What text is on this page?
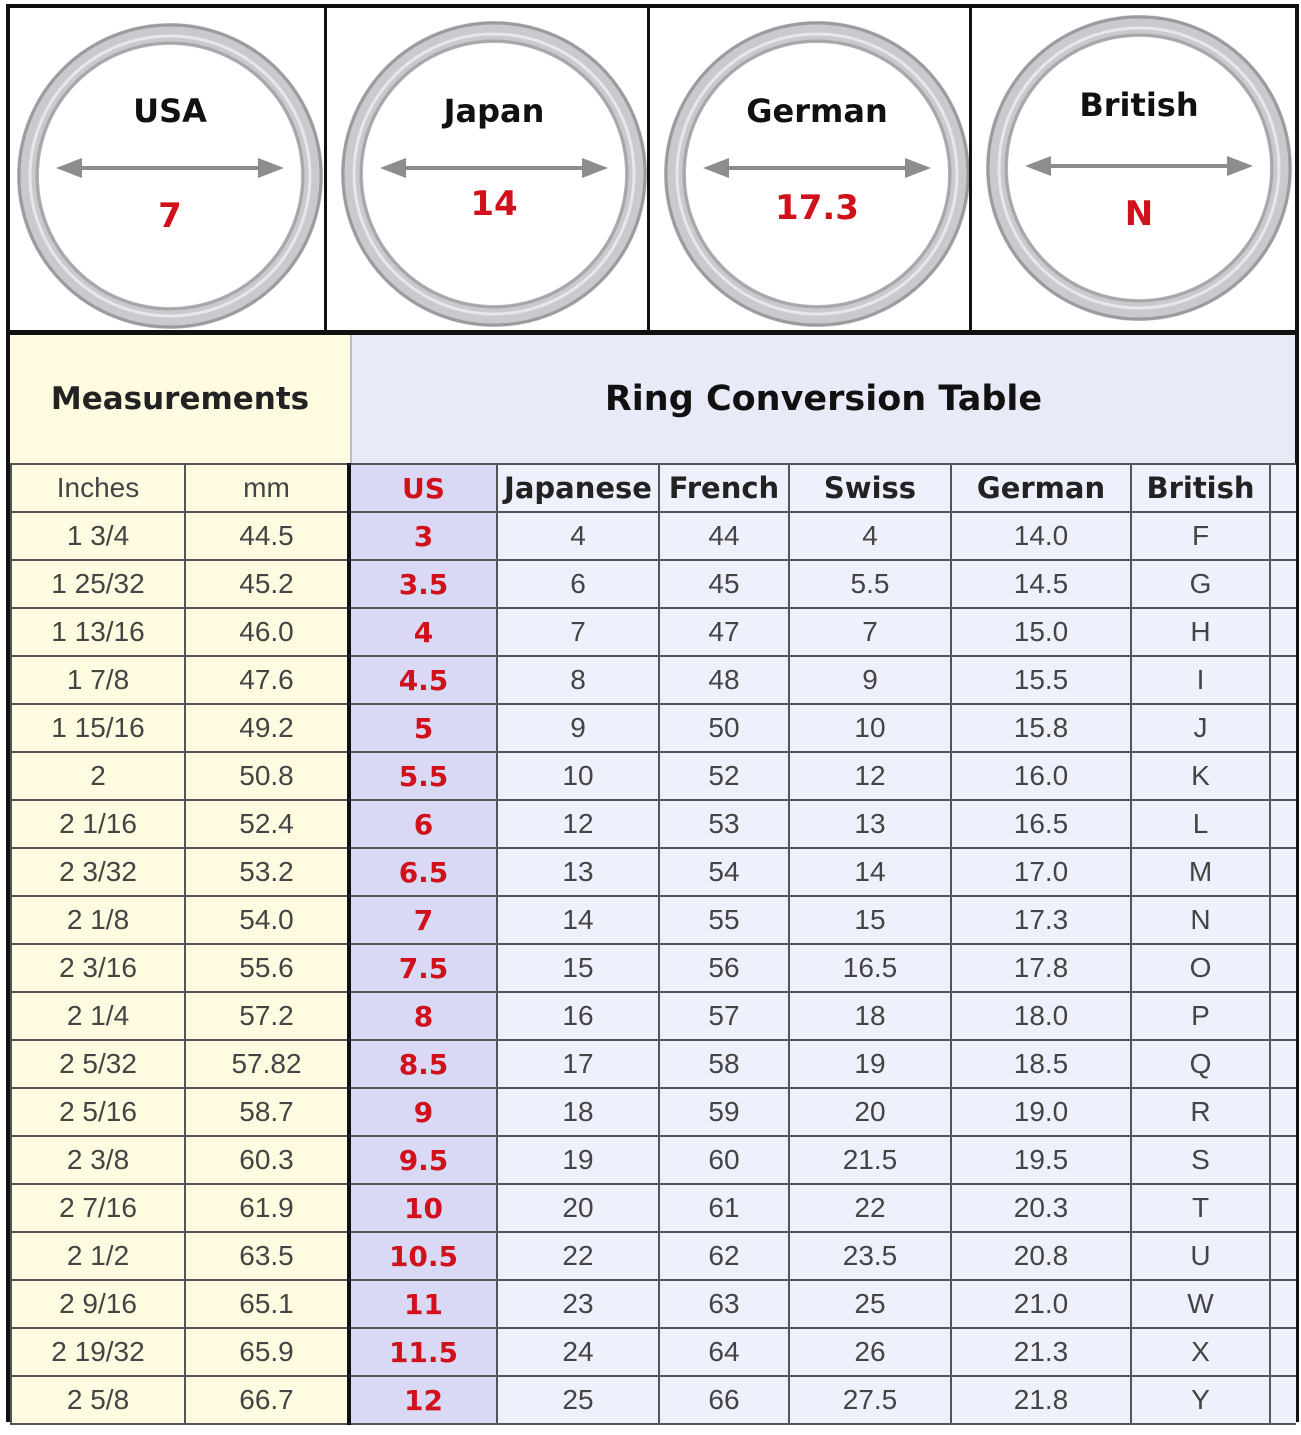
USA
7
Japan
14
German
17.3
British
N
Measurements	Ring Conversion Table
Inches	mm	US	Japanese	French	Swiss	German	British	
1 3/4	44.5	3	4	44	4	14.0	F	
1 25/32	45.2	3.5	6	45	5.5	14.5	G	
1 13/16	46.0	4	7	47	7	15.0	H	
1 7/8	47.6	4.5	8	48	9	15.5	I	
1 15/16	49.2	5	9	50	10	15.8	J	
2	50.8	5.5	10	52	12	16.0	K	
2 1/16	52.4	6	12	53	13	16.5	L	
2 3/32	53.2	6.5	13	54	14	17.0	M	
2 1/8	54.0	7	14	55	15	17.3	N	
2 3/16	55.6	7.5	15	56	16.5	17.8	O	
2 1/4	57.2	8	16	57	18	18.0	P	
2 5/32	57.82	8.5	17	58	19	18.5	Q	
2 5/16	58.7	9	18	59	20	19.0	R	
2 3/8	60.3	9.5	19	60	21.5	19.5	S	
2 7/16	61.9	10	20	61	22	20.3	T	
2 1/2	63.5	10.5	22	62	23.5	20.8	U	
2 9/16	65.1	11	23	63	25	21.0	W	
2 19/32	65.9	11.5	24	64	26	21.3	X	
2 5/8	66.7	12	25	66	27.5	21.8	Y	
